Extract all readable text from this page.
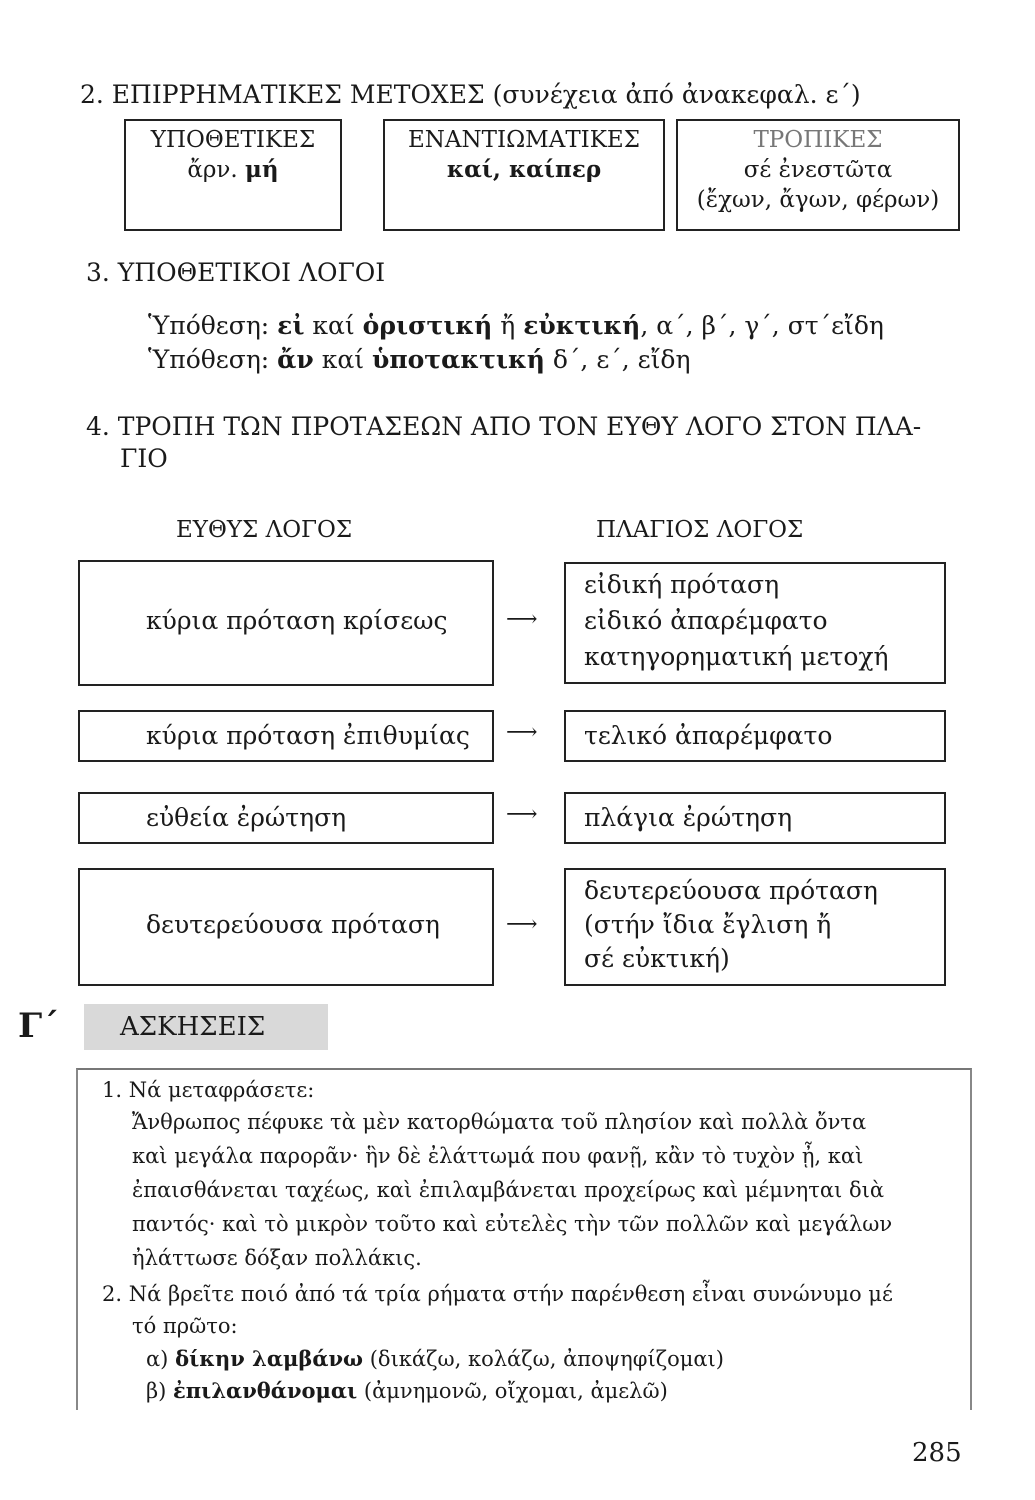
2. ΕΠΙΡΡΗΜΑΤΙΚΕΣ ΜΕΤΟΧΕΣ (συνέχεια ἀπό ἀνακεφαλ. ε΄)
ΥΠΟΘΕΤΙΚΕΣ
ἄρν. μή
ΕΝΑΝΤΙΩΜΑΤΙΚΕΣ
καί, καίπερ
ΤΡΟΠΙΚΕΣ
σέ ἐνεστῶτα
(ἔχων, ἄγων, φέρων)
3. ΥΠΟΘΕΤΙΚΟΙ ΛΟΓΟΙ
Ὑπόθεση: εἰ καί ὁριστική ἤ εὐκτική, α΄, β΄, γ΄, στ΄εἴδη
Ὑπόθεση: ἄν καί ὑποτακτική δ΄, ε΄, εἴδη
4. ΤΡΟΠΗ ΤΩΝ ΠΡΟΤΑΣΕΩΝ ΑΠΟ ΤΟΝ ΕΥΘΥ ΛΟΓΟ ΣΤΟΝ ΠΛΑ-
ΓΙΟ
ΕΥΘΥΣ ΛΟΓΟΣ	ΠΛΑΓΙΟΣ ΛΟΓΟΣ
κύρια πρόταση κρίσεως	⟶
εἰδική πρόταση
εἰδικό ἀπαρέμφατο
κατηγορηματική μετοχή
κύρια πρόταση ἐπιθυμίας ⟶ τελικό ἀπαρέμφατο
εὐθεία ἐρώτηση	⟶ πλάγια ἐρώτηση
δευτερεύουσα πρόταση	⟶
δευτερεύουσα πρόταση
(στήν ἴδια ἔγλιση ἤ
σέ εὐκτική)
Γ΄ ΑΣΚΗΣΕΙΣ
1. Νά μεταφράσετε:
Ἄνθρωπος πέφυκε τὰ μὲν κατορθώματα τοῦ πλησίον καὶ πολλὰ ὄντα
καὶ μεγάλα παρορᾶν· ἣν δὲ ἐλάττωμά που φανῇ, κἂν τὸ τυχὸν ᾖ, καὶ
ἐπαισθάνεται ταχέως, καὶ ἐπιλαμβάνεται προχείρως καὶ μέμνηται διὰ
παντός· καὶ τὸ μικρὸν τοῦτο καὶ εὐτελὲς τὴν τῶν πολλῶν καὶ μεγάλων
ἠλάττωσε δόξαν πολλάκις.
2. Νά βρεῖτε ποιό ἀπό τά τρία ρήματα στήν παρένθεση εἶναι συνώνυμο μέ
τό πρῶτο:
α) δίκην λαμβάνω (δικάζω, κολάζω, ἀποψηφίζομαι)
β) ἐπιλανθάνομαι (ἀμνημονῶ, οἴχομαι, ἀμελῶ)
285
